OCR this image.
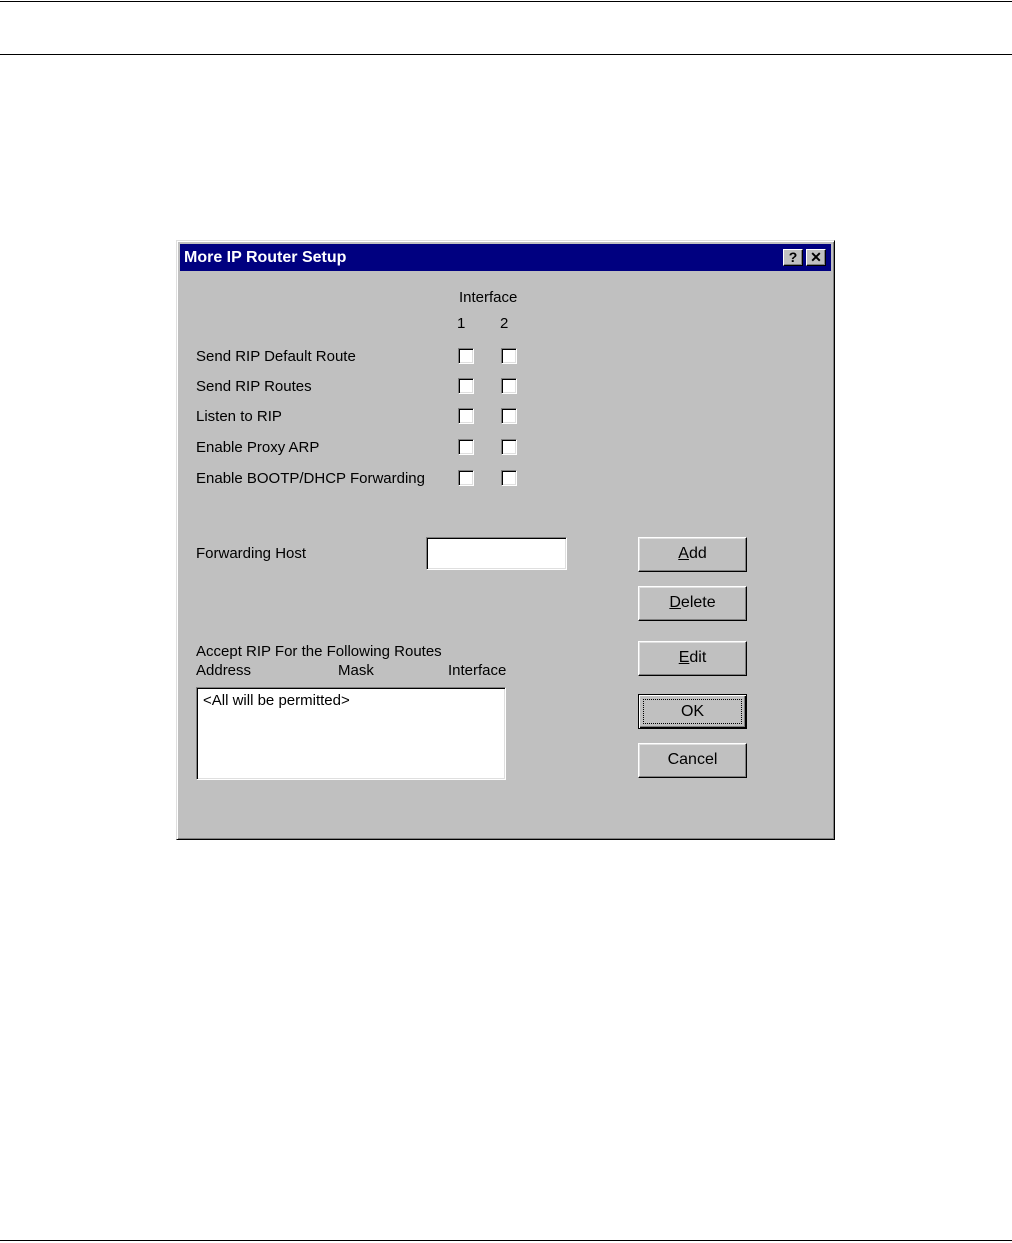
More IP Router Setup	? ✕
Interface
1 2
Send RIP Default Route
Send RIP Routes
Listen to RIP
Enable Proxy ARP
Enable BOOTP/DHCP Forwarding
Forwarding Host
Accept RIP For the Following Routes
Address	Mask	Interface
<All will be permitted>
Add
Delete
Edit
OK
Cancel
